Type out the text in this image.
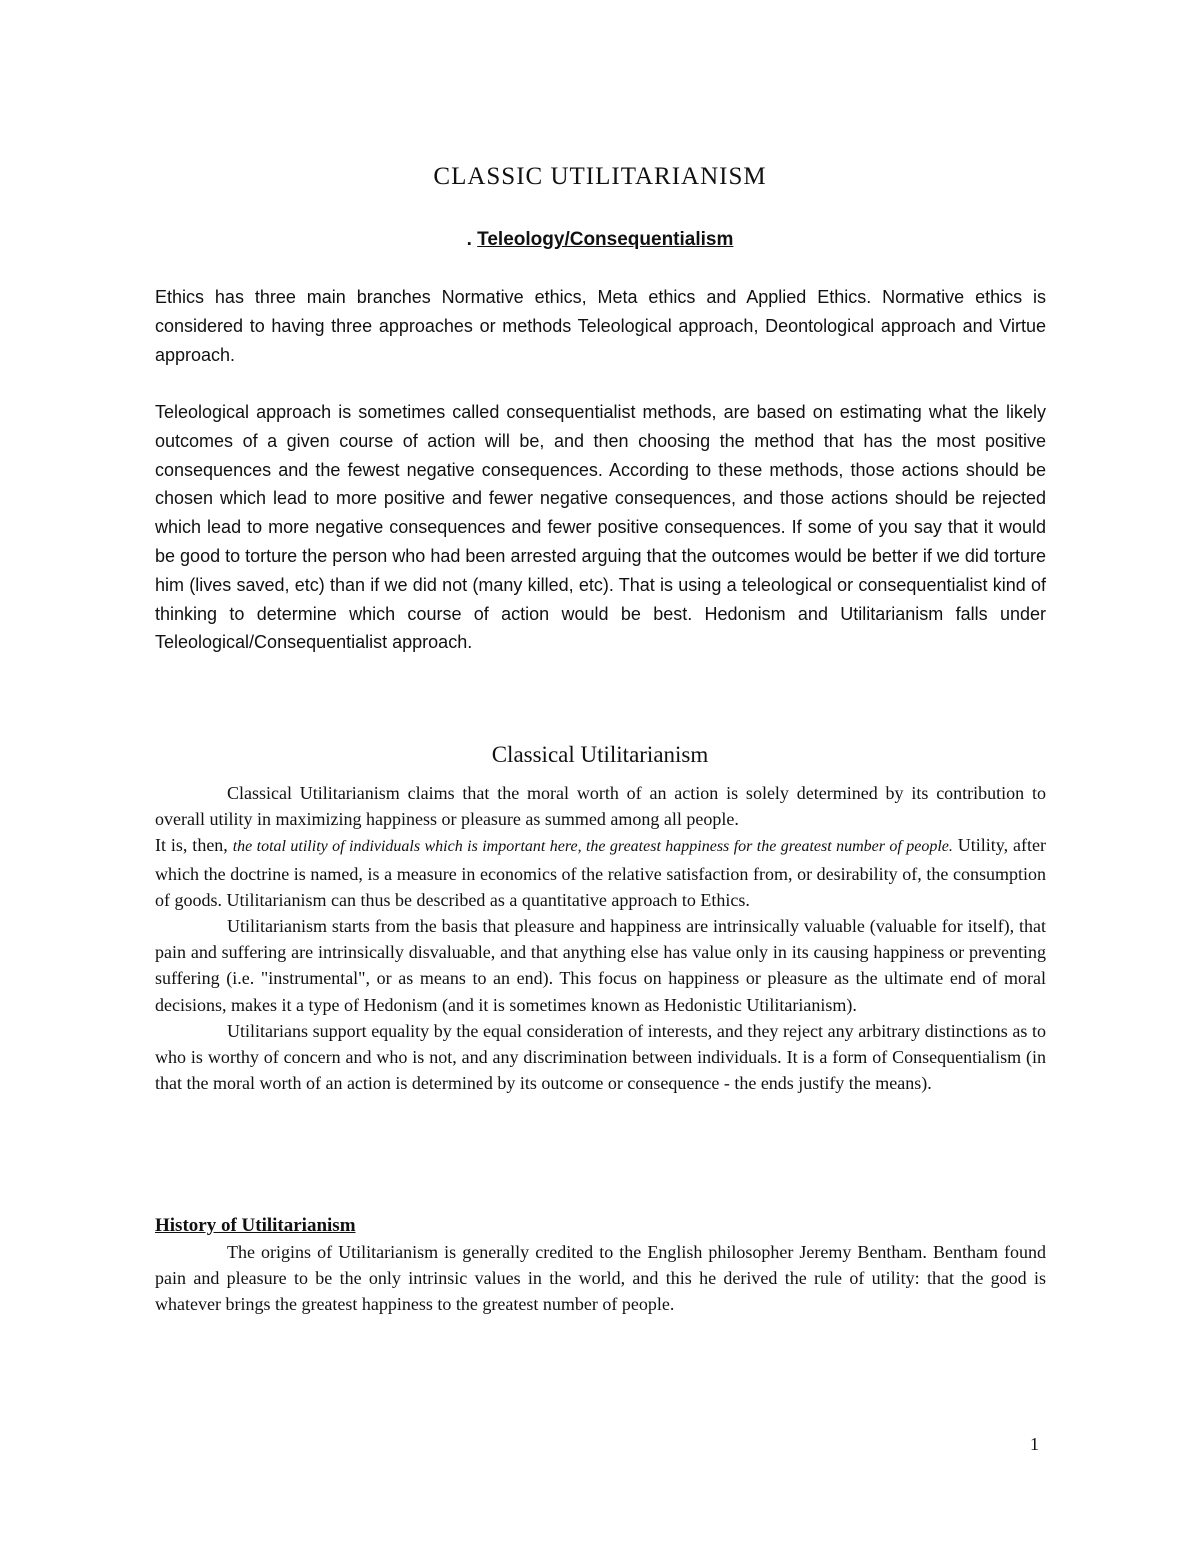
CLASSIC UTILITARIANISM
. Teleology/Consequentialism

Ethics has three main branches Normative ethics, Meta ethics and Applied Ethics. Normative ethics is considered to having three approaches or methods Teleological approach, Deontological approach and Virtue approach.

Teleological approach is sometimes called consequentialist methods, are based on estimating what the likely outcomes of a given course of action will be, and then choosing the method that has the most positive consequences and the fewest negative consequences. According to these methods, those actions should be chosen which lead to more positive and fewer negative consequences, and those actions should be rejected which lead to more negative consequences and fewer positive consequences. If some of you say that it would be good to torture the person who had been arrested arguing that the outcomes would be better if we did torture him (lives saved, etc) than if we did not (many killed, etc). That is using a teleological or consequentialist kind of thinking to determine which course of action would be best. Hedonism and Utilitarianism falls under Teleological/Consequentialist approach.

Classical Utilitarianism

Classical Utilitarianism claims that the moral worth of an action is solely determined by its contribution to overall utility in maximizing happiness or pleasure as summed among all people.

It is, then, the total utility of individuals which is important here, the greatest happiness for the greatest number of people. Utility, after which the doctrine is named, is a measure in economics of the relative satisfaction from, or desirability of, the consumption of goods. Utilitarianism can thus be described as a quantitative approach to Ethics.

Utilitarianism starts from the basis that pleasure and happiness are intrinsically valuable (valuable for itself), that pain and suffering are intrinsically disvaluable, and that anything else has value only in its causing happiness or preventing suffering (i.e. "instrumental", or as means to an end). This focus on happiness or pleasure as the ultimate end of moral decisions, makes it a type of Hedonism (and it is sometimes known as Hedonistic Utilitarianism).

Utilitarians support equality by the equal consideration of interests, and they reject any arbitrary distinctions as to who is worthy of concern and who is not, and any discrimination between individuals. It is a form of Consequentialism (in that the moral worth of an action is determined by its outcome or consequence - the ends justify the means).

History of Utilitarianism

The origins of Utilitarianism is generally credited to the English philosopher Jeremy Bentham. Bentham found pain and pleasure to be the only intrinsic values in the world, and this he derived the rule of utility: that the good is whatever brings the greatest happiness to the greatest number of people.

1
